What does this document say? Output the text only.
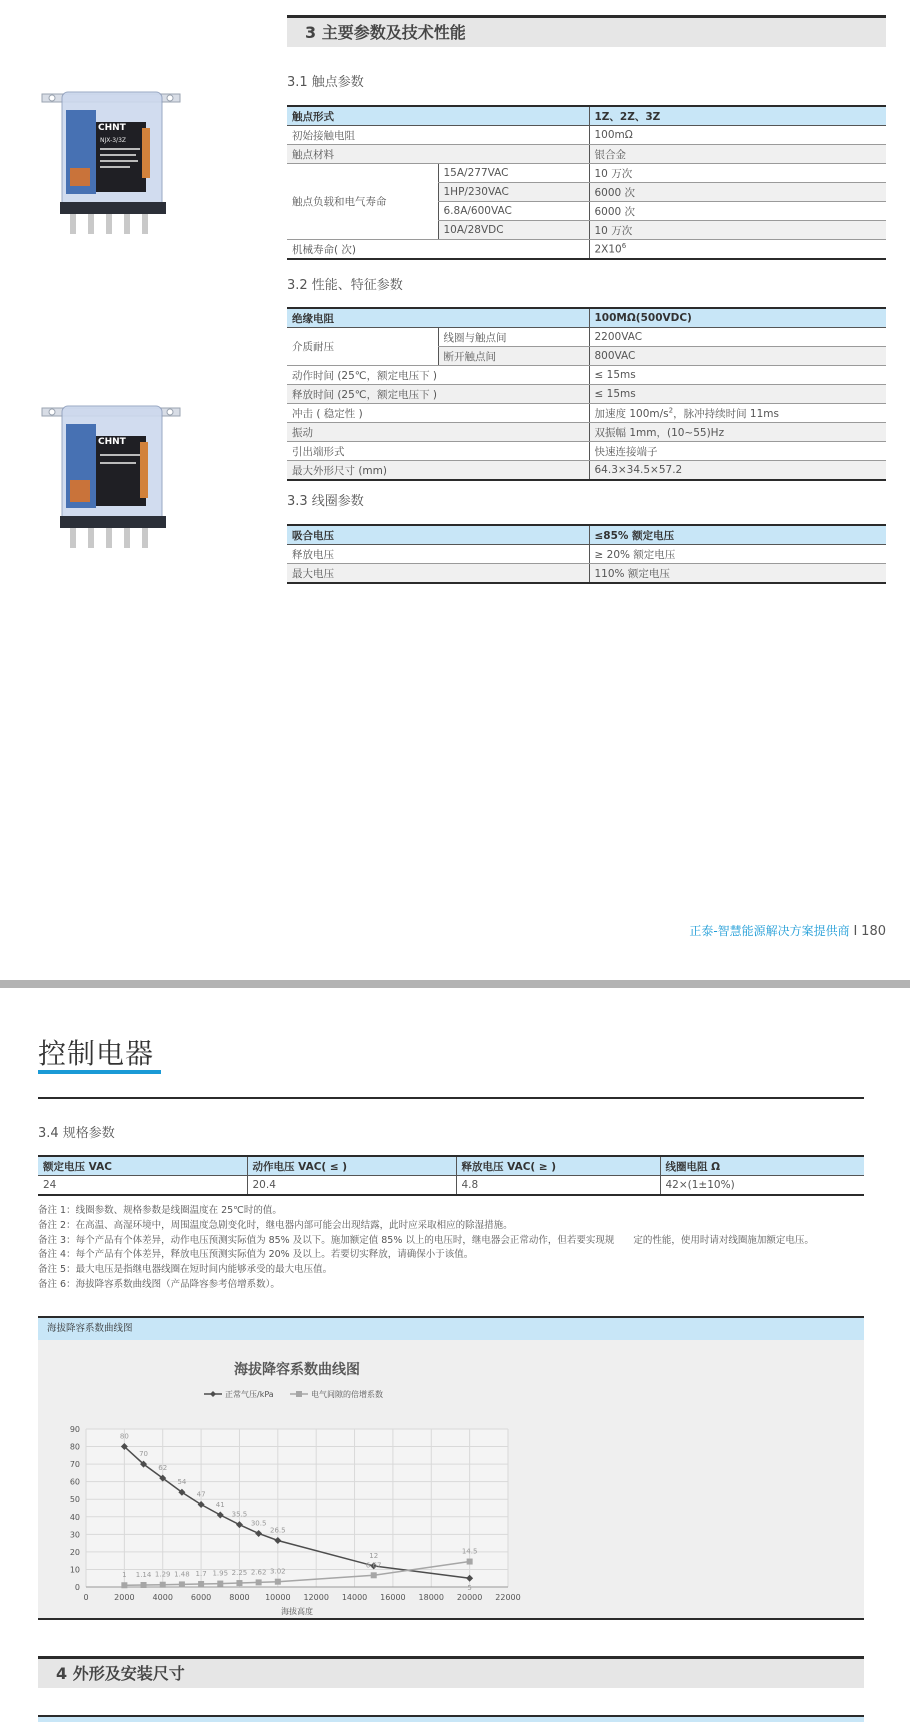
CHNT
NJX-3/3Z
CHNT
3 主要参数及技术性能
3.1 触点参数
触点形式		1Z、2Z、3Z
初始接触电阻		100mΩ
触点材料		银合金
触点负载和电气寿命	15A/277VAC	10 万次
	1HP/230VAC	6000 次
	6.8A/600VAC	6000 次
	10A/28VDC	10 万次
机械寿命( 次)		$2X10^6$
3.2 性能、特征参数
绝缘电阻		100MΩ(500VDC)
介质耐压	线圈与触点间	2200VAC
	断开触点间	800VAC
动作时间 (25℃，额定电压下 )		≤ 15ms
释放时间 (25℃，额定电压下 )		≤ 15ms
冲击 ( 稳定性 )		加速度 $100m/s^2$，脉冲持续时间 11ms
振动		双振幅 1mm，(10~55)Hz
引出端形式		快速连接端子
最大外形尺寸 (mm)		64.3×34.5×57.2
3.3 线圈参数
吸合电压	≤85% 额定电压
释放电压	≥ 20% 额定电压
最大电压	110% 额定电压
正泰-智慧能源解决方案提供商 I 180
控制电器
3.4 规格参数
额定电压 VAC	动作电压 VAC( ≤ )	释放电压 VAC( ≥ )	线圈电阻 Ω
24	20.4	4.8	42×(1±10%)
备注 1：线圈参数、规格参数是线圈温度在 25℃时的值。
备注 2：在高温、高湿环境中，周围温度急剧变化时，继电器内部可能会出现结露，此时应采取相应的除湿措施。
备注 3：每个产品有个体差异，动作电压预测实际值为 85% 及以下。施加额定值 85% 以上的电压时，继电器会正常动作，但若要实现规　　定的性能，使用时请对线圈施加额定电压。
备注 4：每个产品有个体差异，释放电压预测实际值为 20% 及以上。若要切实释放，请确保小于该值。
备注 5：最大电压是指继电器线圈在短时间内能够承受的最大电压值。
备注 6：海拔降容系数曲线图（产品降容参考倍增系数）。
海拔降容系数曲线图
0
10
20
30
40
50
60
70
80
90
0	2000 4000 6000 8000 10000 12000 14000 16000 18000 20000 22000
海拔降容系数曲线图
海拔高度
正常气压/kPa	电气间隙的倍增系数
80
70
62
54
47
41
35.5
30.5
26.5
12
5
1 1.14 1.29 1.48 1.7 1.95 2.25 2.62 3.02
6.67
14.5
4 外形及安装尺寸
